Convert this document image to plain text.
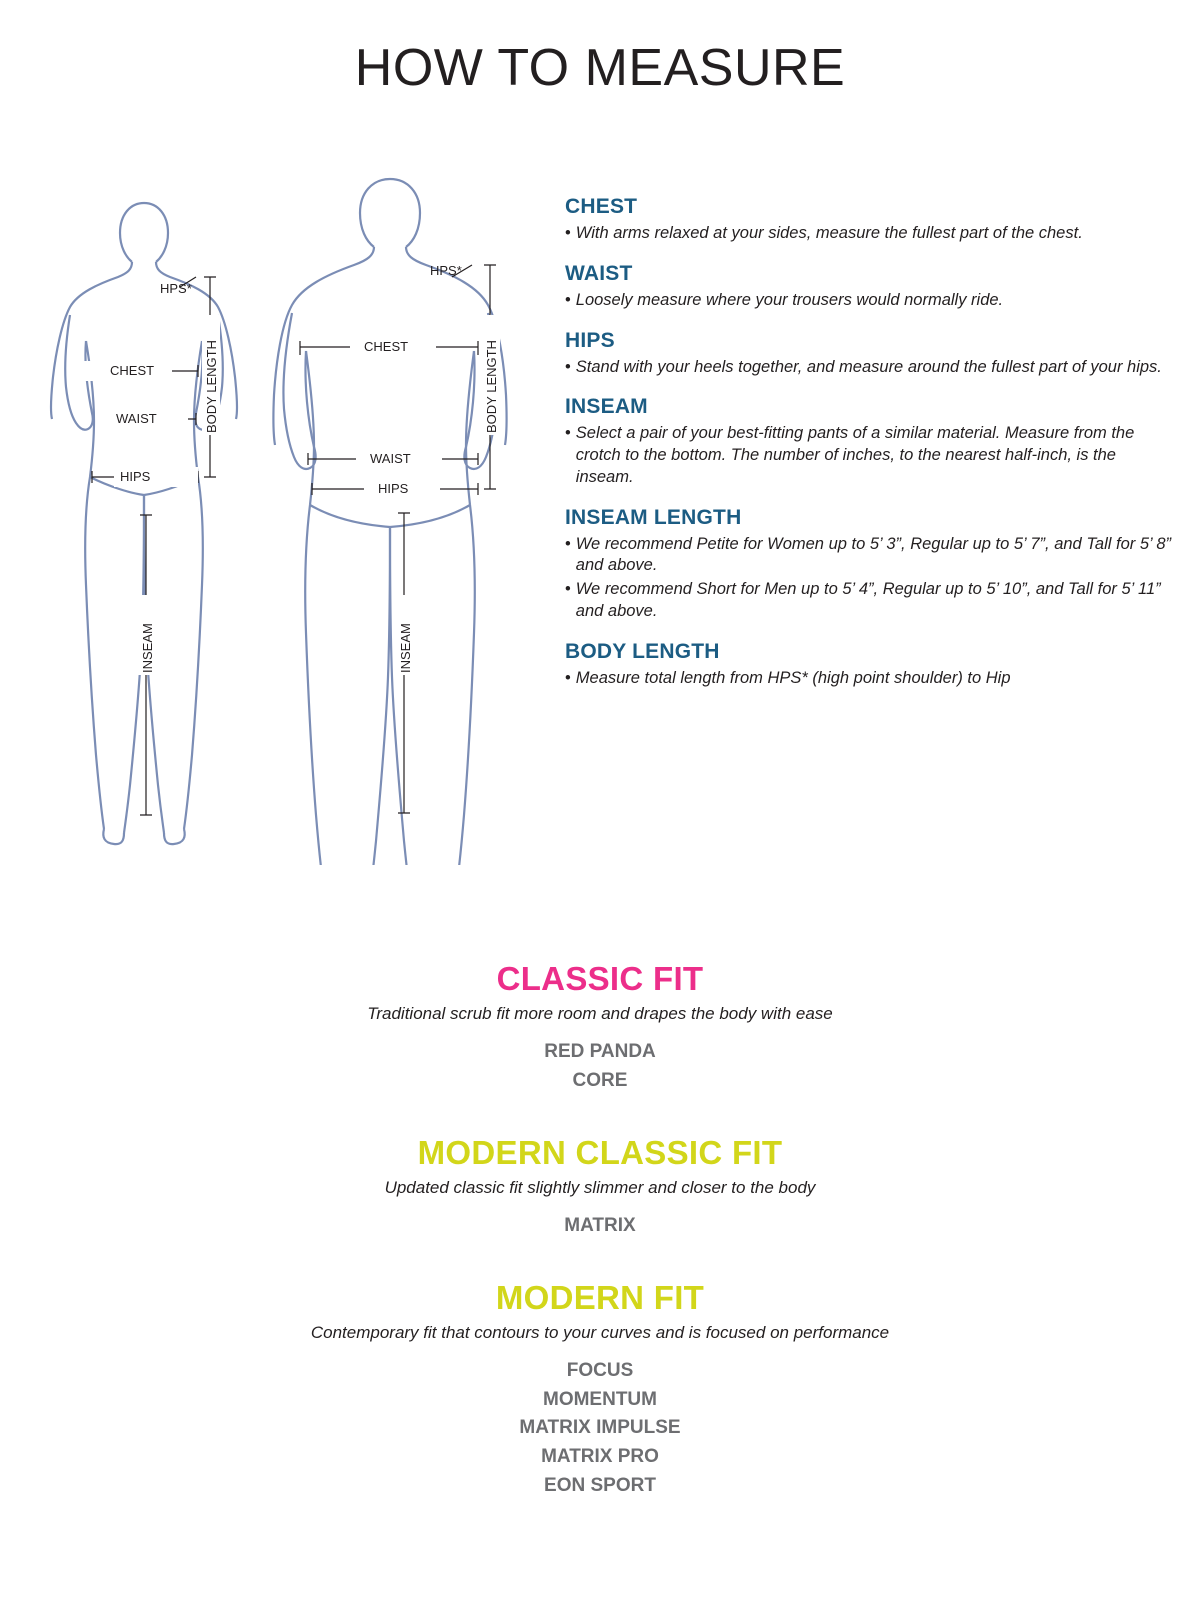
HOW TO MEASURE
CHEST
WAIST
HIPS
HPS*
BODY LENGTH
INSEAM
CHEST
WAIST
HIPS
HPS*
BODY LENGTH
INSEAM
CHEST
• With arms relaxed at your sides, measure the fullest part of the chest.
WAIST
• Loosely measure where your trousers would normally ride.
HIPS
• Stand with your heels together, and measure around the fullest part of your hips.
INSEAM
• Select a pair of your best-fitting pants of a similar material. Measure from the crotch to the bottom. The number of inches, to the nearest half-inch, is the inseam.
INSEAM LENGTH
• We recommend Petite for Women up to 5’ 3”, Regular up to 5’ 7”, and Tall for 5’ 8” and above.
• We recommend Short for Men up to 5’ 4”, Regular up to 5’ 10”, and Tall for 5’ 11” and above.
BODY LENGTH
• Measure total length from HPS* (high point shoulder) to Hip
CLASSIC FIT
Traditional scrub fit more room and drapes the body with ease
RED PANDA
CORE
MODERN CLASSIC FIT
Updated classic fit slightly slimmer and closer to the body
MATRIX
MODERN FIT
Contemporary fit that contours to your curves and is focused on performance
FOCUS
MOMENTUM
MATRIX IMPULSE
MATRIX PRO
EON SPORT
